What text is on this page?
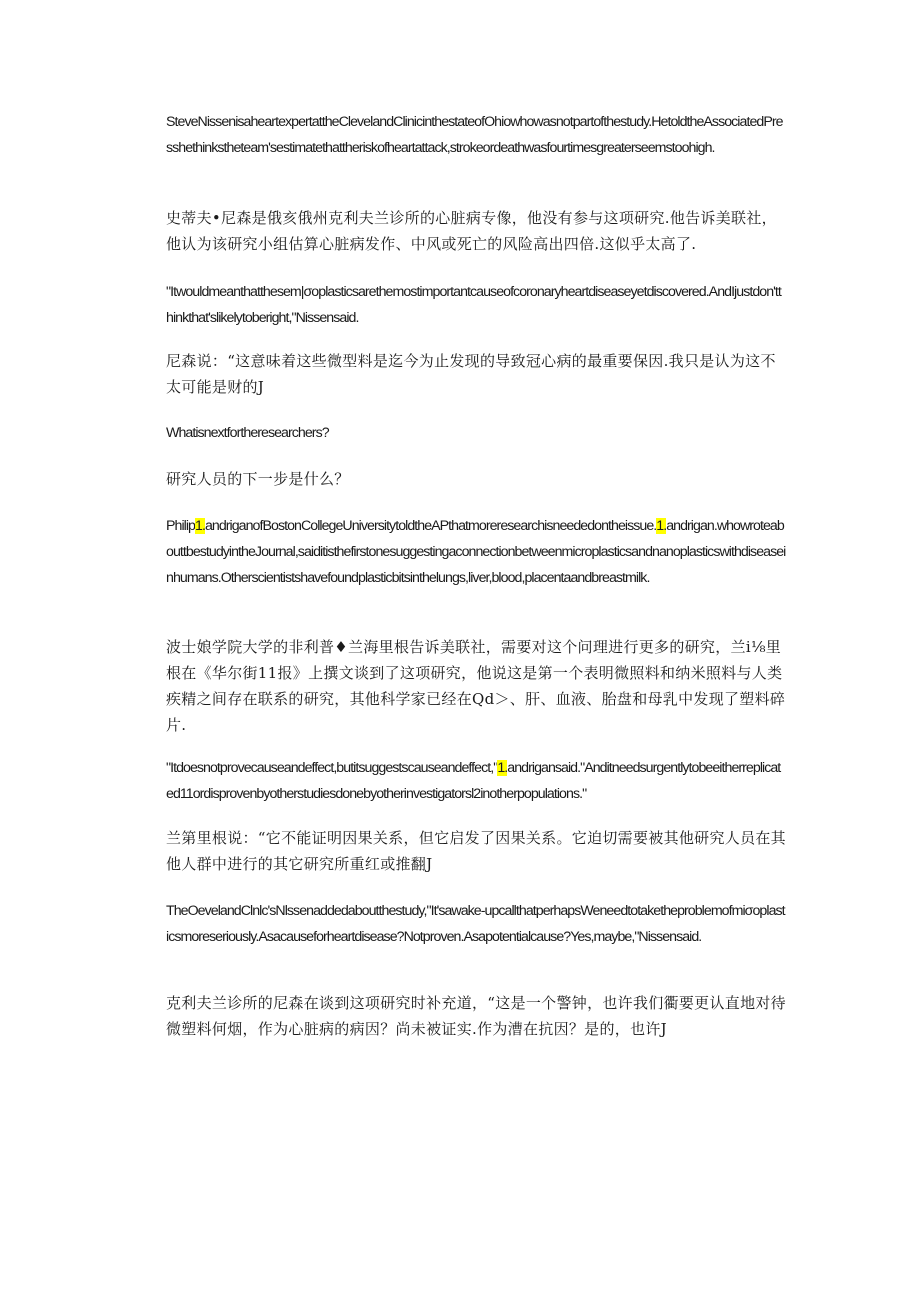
SteveNissenisaheartexpertattheClevelandClinicinthestateofOhiowhowasnotpartofthestudy.HetoldtheAssociatedPresshethinkstheteam'sestimatethattheriskofheartattack,strokeordeathwasfourtimesgreaterseemstoohigh.

史蒂夫•尼森是俄亥俄州克利夫兰诊所的心脏病专像，他没有参与这项研究.他告诉美联社，他认为该研究小组估算心脏病发作、中风或死亡的风险高出四倍.这似乎太高了.

"Itwouldmeanthatthesem|σoplasticsarethemostimportantcauseofcoronaryheartdiseaseyetdiscovered.AndIjustdon'tthinkthat'slikelytoberight,"Nissensaid.

尼森说：“这意味着这些微型料是迄今为止发现的导致冠心病的最重要保因.我只是认为这不太可能是财的J

Whatisnextfortheresearchers?

研究人员的下一步是什么？

Philip1.andriganofBostonCollegeUniversitytoldtheAPthatmoreresearchisneededontheissue.1.andrigan.whowroteabouttbestudyintheJournal,saiditisthefirstonesuggestingaconnectionbetweenmicroplasticsandnanoplasticswithdiseaseinhumans.Otherscientistshavefoundplasticbitsinthelungs,liver,blood,placentaandbreastmilk.

波士娘学院大学的非利普♦兰海里根告诉美联社，需要对这个问理进行更多的研究，兰i⅛里根在《华尔街11报》上撰文谈到了这项研究，他说这是第一个表明微照料和纳米照料与人类疾精之间存在联系的研究，其他科学家已经在Qd＞、肝、血液、胎盘和母乳中发现了塑料碎片.

"Itdoesnotprovecauseandeffect,butitsuggestscauseandeffect,"1.andrigansaid."Anditneedsurgentlytobeeitherreplicated11ordisprovenbyotherstudiesdonebyotherinvestigatorsl2inotherpopulations."

兰第里根说：“它不能证明因果关系，但它启发了因果关系。它迫切需要被其他研究人员在其他人群中进行的其它研究所重红或推翻J

TheOevelandClnlc'sNlssenaddedaboutthestudy,"It'sawake-upcallthatperhapsWeneedtotaketheproblemofmiσoplasticsmoreseriously.Asacauseforheartdisease?Notproven.Asapotentialcause?Yes,maybe,"Nissensaid.

克利夫兰诊所的尼森在谈到这项研究时补充道，“这是一个警钟，也许我们衢要更认直地对待微塑料何烟，作为心脏病的病因？尚未被证实.作为漕在抗因？是的，也许J
